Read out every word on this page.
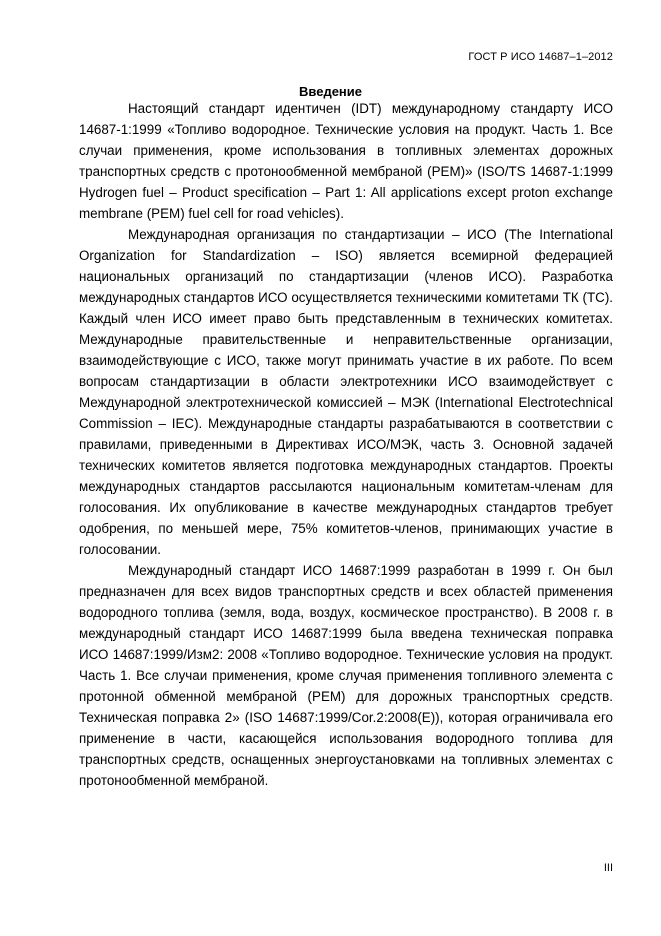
ГОСТ Р ИСО 14687–1–2012
Введение

Настоящий стандарт идентичен (IDT) международному стандарту ИСО 14687-1:1999 «Топливо водородное. Технические условия на продукт. Часть 1. Все случаи применения, кроме использования в топливных элементах дорожных транспортных средств с протонообменной мембраной (PEM)» (ISO/TS 14687-1:1999 Hydrogen fuel – Product specification – Part 1: All applications except proton exchange membrane (PEM) fuel cell for road vehicles).

Международная организация по стандартизации – ИСО (The International Organization for Standardization – ISO) является всемирной федерацией национальных организаций по стандартизации (членов ИСО). Разработка международных стандартов ИСО осуществляется техническими комитетами ТК (ТС). Каждый член ИСО имеет право быть представленным в технических комитетах. Международные правительственные и неправительственные организации, взаимодействующие с ИСО, также могут принимать участие в их работе. По всем вопросам стандартизации в области электротехники ИСО взаимодействует с Международной электротехнической комиссией – МЭК (International Electrotechnical Commission – IEC). Международные стандарты разрабатываются в соответствии с правилами, приведенными в Директивах ИСО/МЭК, часть 3. Основной задачей технических комитетов является подготовка международных стандартов. Проекты международных стандартов рассылаются национальным комитетам-членам для голосования. Их опубликование в качестве международных стандартов требует одобрения, по меньшей мере, 75% комитетов-членов, принимающих участие в голосовании.

Международный стандарт ИСО 14687:1999 разработан в 1999 г. Он был предназначен для всех видов транспортных средств и всех областей применения водородного топлива (земля, вода, воздух, космическое пространство). В 2008 г. в международный стандарт ИСО 14687:1999 была введена техническая поправка ИСО 14687:1999/Изм2: 2008 «Топливо водородное. Технические условия на продукт. Часть 1. Все случаи применения, кроме случая применения топливного элемента с протонной обменной мембраной (PEM) для дорожных транспортных средств. Техническая поправка 2» (ISO 14687:1999/Cor.2:2008(E)), которая ограничивала его применение в части, касающейся использования водородного топлива для транспортных средств, оснащенных энергоустановками на топливных элементах с протонообменной мембраной.

III
